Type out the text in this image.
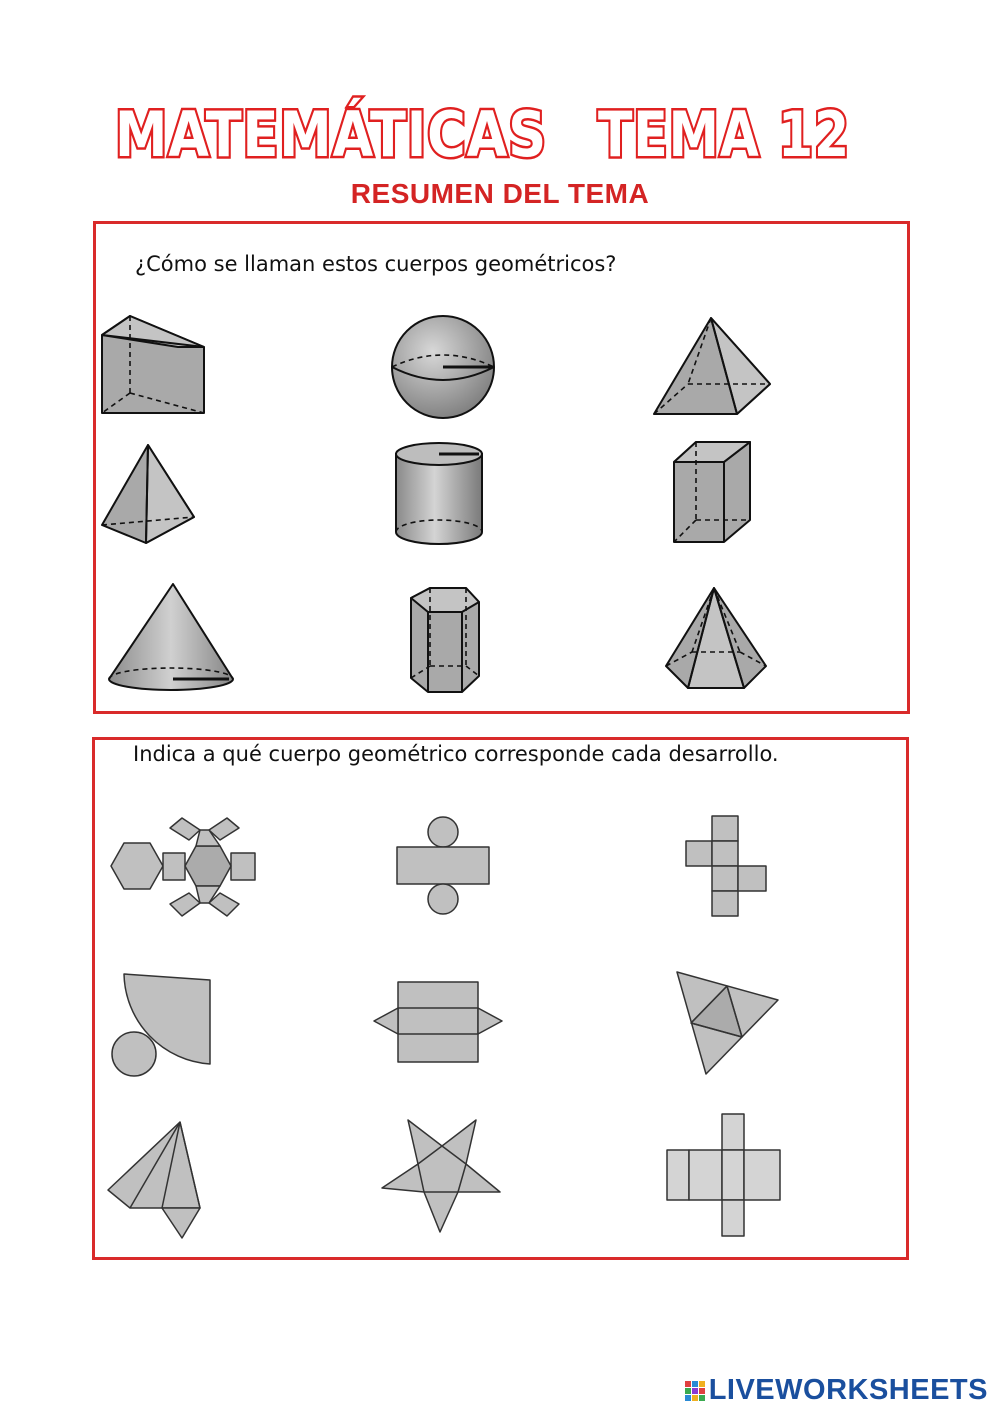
MATEMÁTICAS TEMA 12
RESUMEN DEL TEMA
¿Cómo se llaman estos cuerpos geométricos?
Indica a qué cuerpo geométrico corresponde cada desarrollo.
LIVEWORKSHEETS
